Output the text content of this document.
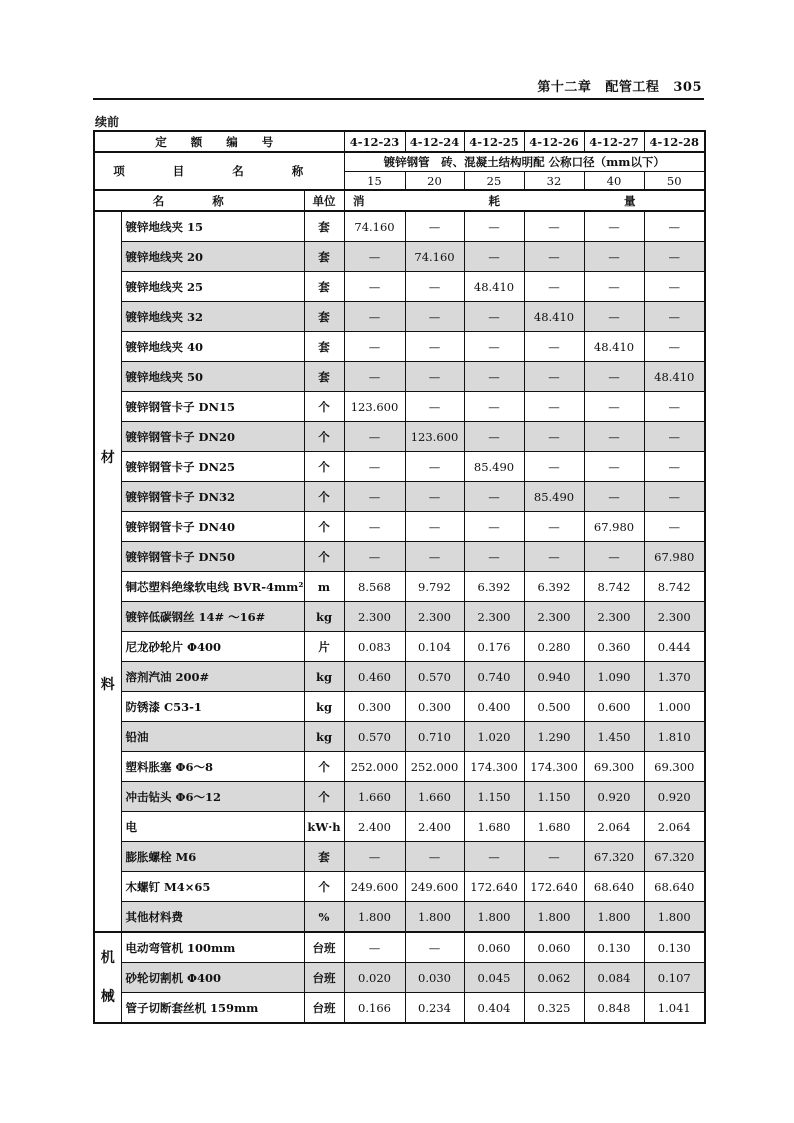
第十二章 配管工程 305
续前
定 额 编 号			4-12-23	4-12-24	4-12-25	4-12-26	4-12-27	4-12-28
项 目 名 称			镀锌钢管　砖、混凝土结构明配 公称口径（mm以下）					
			15	20	25	32	40	50
名 称		单位	消 耗 量					

材
料	镀锌地线夹 15	套	74.160	—	—	—	—	—
	镀锌地线夹 20	套	—	74.160	—	—	—	—
	镀锌地线夹 25	套	—	—	48.410	—	—	—
	镀锌地线夹 32	套	—	—	—	48.410	—	—
	镀锌地线夹 40	套	—	—	—	—	48.410	—
	镀锌地线夹 50	套	—	—	—	—	—	48.410
	镀锌钢管卡子 DN15	个	123.600	—	—	—	—	—
	镀锌钢管卡子 DN20	个	—	123.600	—	—	—	—
	镀锌钢管卡子 DN25	个	—	—	85.490	—	—	—
	镀锌钢管卡子 DN32	个	—	—	—	85.490	—	—
	镀锌钢管卡子 DN40	个	—	—	—	—	67.980	—
	镀锌钢管卡子 DN50	个	—	—	—	—	—	67.980
	铜芯塑料绝缘软电线 BVR-4mm²	m	8.568	9.792	6.392	6.392	8.742	8.742
	镀锌低碳钢丝 14# ～16#	kg	2.300	2.300	2.300	2.300	2.300	2.300
	尼龙砂轮片 Φ400	片	0.083	0.104	0.176	0.280	0.360	0.444
	溶剂汽油 200#	kg	0.460	0.570	0.740	0.940	1.090	1.370
	防锈漆 C53-1	kg	0.300	0.300	0.400	0.500	0.600	1.000
	铅油	kg	0.570	0.710	1.020	1.290	1.450	1.810
	塑料胀塞 Φ6～8	个	252.000	252.000	174.300	174.300	69.300	69.300
	冲击钻头 Φ6～12	个	1.660	1.660	1.150	1.150	0.920	0.920
	电	kW·h	2.400	2.400	1.680	1.680	2.064	2.064
	膨胀螺栓 M6	套	—	—	—	—	67.320	67.320
	木螺钉 M4×65	个	249.600	249.600	172.640	172.640	68.640	68.640
	其他材料费	%	1.800	1.800	1.800	1.800	1.800	1.800

机
械	电动弯管机 100mm	台班	—	—	0.060	0.060	0.130	0.130
	砂轮切割机 Φ400	台班	0.020	0.030	0.045	0.062	0.084	0.107
	管子切断套丝机 159mm	台班	0.166	0.234	0.404	0.325	0.848	1.041
